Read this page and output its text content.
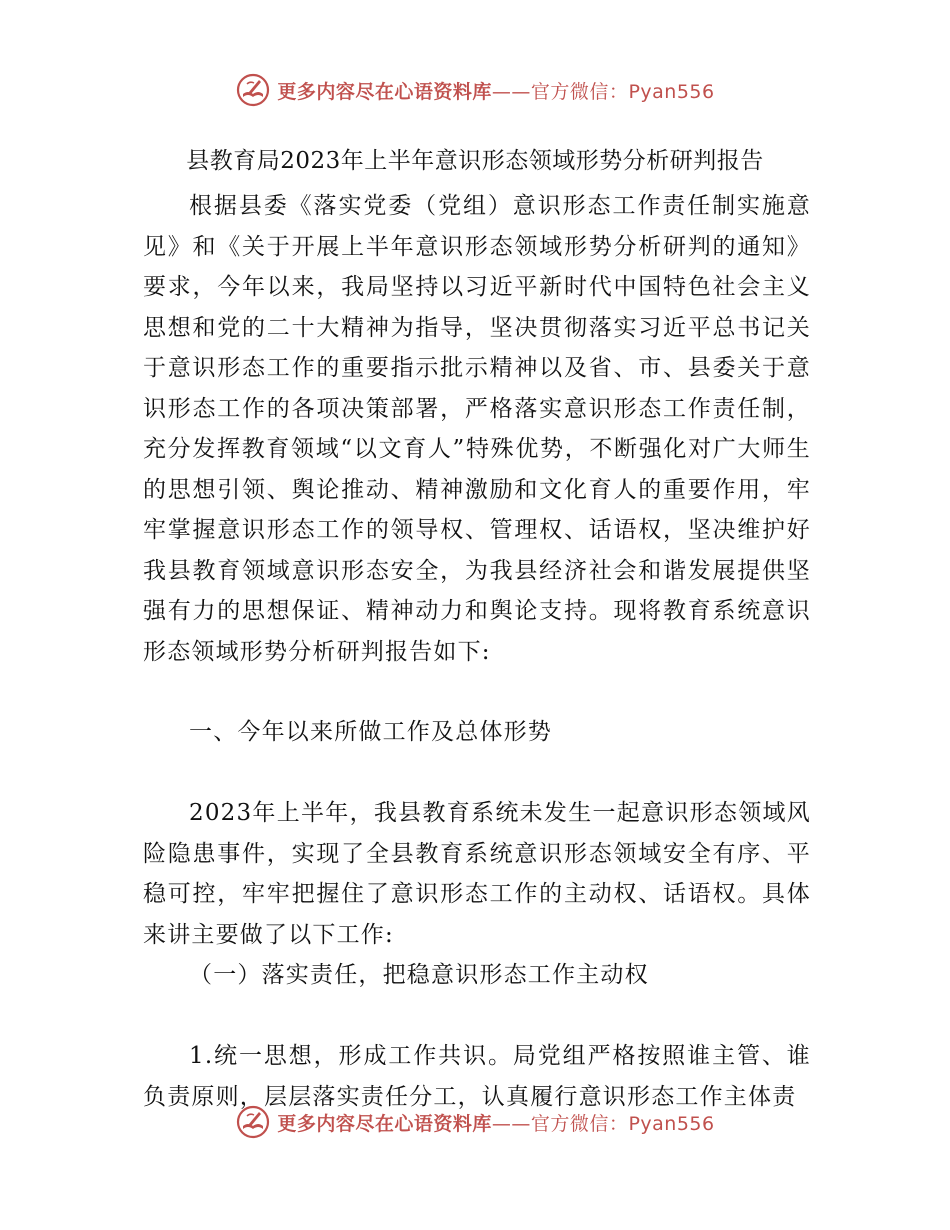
更多内容尽在心语资料库——官方微信：Pyan556
县教育局2023年上半年意识形态领域形势分析研判报告

根据县委《落实党委（党组）意识形态工作责任制实施意见》和《关于开展上半年意识形态领域形势分析研判的通知》要求，今年以来，我局坚持以习近平新时代中国特色社会主义思想和党的二十大精神为指导，坚决贯彻落实习近平总书记关于意识形态工作的重要指示批示精神以及省、市、县委关于意识形态工作的各项决策部署，严格落实意识形态工作责任制，充分发挥教育领域“以文育人”特殊优势，不断强化对广大师生的思想引领、舆论推动、精神激励和文化育人的重要作用，牢牢掌握意识形态工作的领导权、管理权、话语权，坚决维护好我县教育领域意识形态安全，为我县经济社会和谐发展提供坚强有力的思想保证、精神动力和舆论支持。现将教育系统意识形态领域形势分析研判报告如下:

一、今年以来所做工作及总体形势

2023年上半年，我县教育系统未发生一起意识形态领域风险隐患事件，实现了全县教育系统意识形态领域安全有序、平稳可控，牢牢把握住了意识形态工作的主动权、话语权。具体来讲主要做了以下工作:

（一）落实责任，把稳意识形态工作主动权

1.统一思想，形成工作共识。局党组严格按照谁主管、谁负责原则，层层落实责任分工，认真履行意识形态工作主体责

更多内容尽在心语资料库——官方微信：Pyan556
